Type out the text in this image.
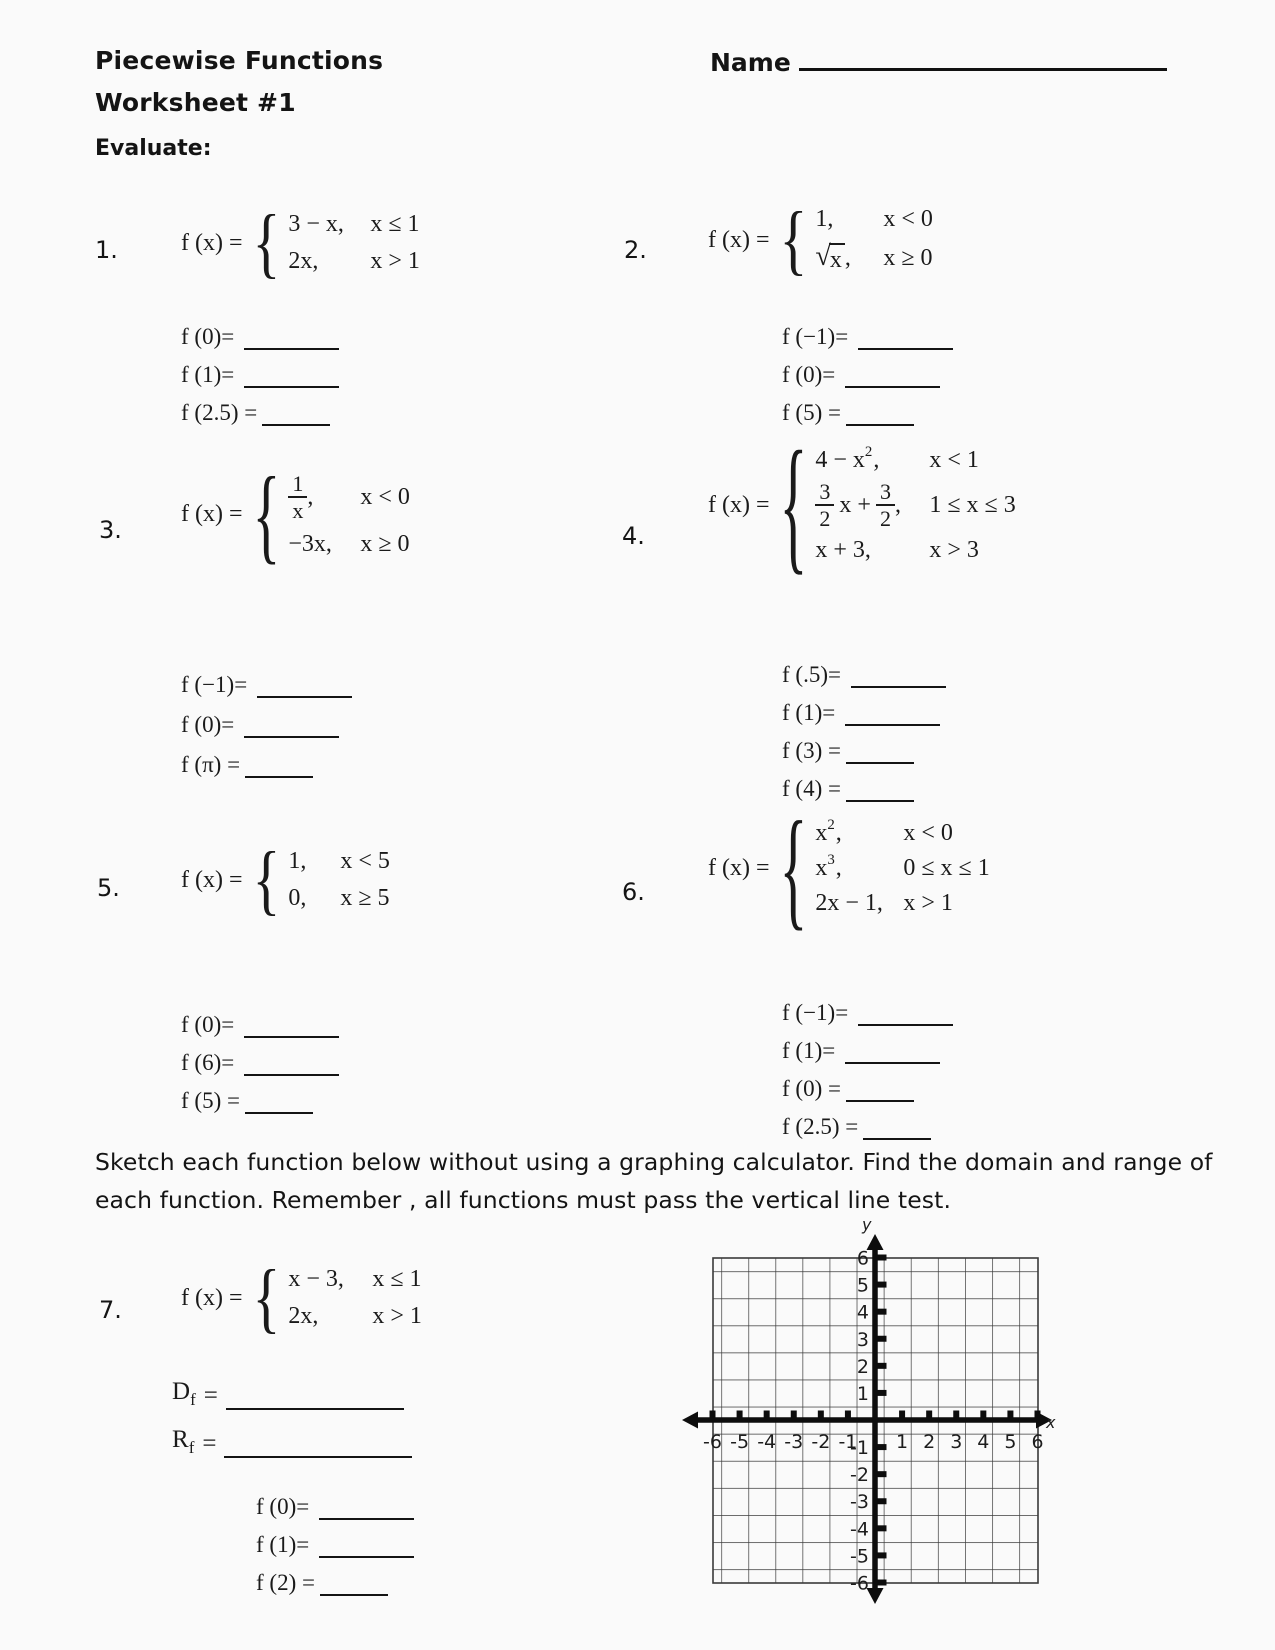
Piecewise Functions
Worksheet #1
Name
Evaluate:
1.	f (x) = { 3 − x,	x ≤ 1
2x,	x > 1
f (0)=
f (1)=
f (2.5) =
2.	f (x) = { 1,	x < 0
√ x , x ≥ 0
f (−1)=
f (0)=
f (5) =
3.
f (x) = { $\frac{1}{x}$ , x < 0
−3x,	x ≥ 0
f (−1)=
f (0)=
f (π) =
4.
f (x) = { 4 − x 2 , x < 1
$\frac{3}{2}$ $x + \frac{3}{2}$ , 1 ≤ x ≤ 3
x + 3,	x > 3
f (.5)=
f (1)=
f (3) =
f (4) =
5.	f (x) = { 1,	x < 5
0,	x ≥ 5
f (0)=
f (6)=
f (5) =
6.
f (x) = { x 2 ,	x < 0
x 3 ,	0 ≤ x ≤ 1
2x − 1, x > 1
f (−1)=
f (1)=
f (0) =
f (2.5) =
Sketch each function below without using a graphing calculator. Find the domain and range of
each function. Remember , all functions must pass the vertical line test.
7. f (x) = { x − 3,	x ≤ 1
2x,	x > 1
$D_f$ =
$R_f$ =
f (0)=
f (1)=
f (2) =
y
x
-6 -5 -4 -3 -2 -1 1 2 3 4 5 6
6
5
4
3
2
1
-1
-2
-3
-4
-5
-6
